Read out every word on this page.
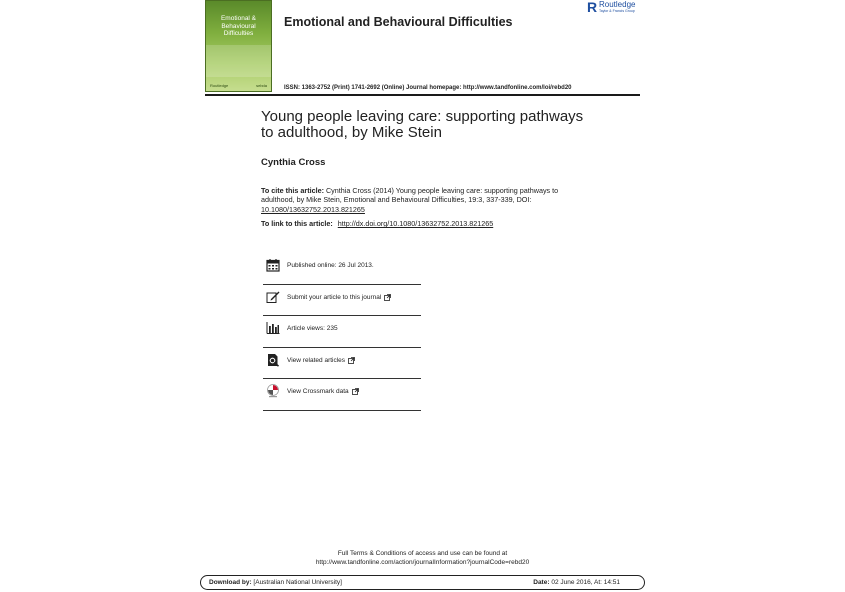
Emotional &
Behavioural
Difficulties
Routledge	sebda
Emotional and Behavioural Difficulties
R Routledge
Taylor & Francis Group
ISSN: 1363-2752 (Print) 1741-2692 (Online) Journal homepage: http://www.tandfonline.com/loi/rebd20
Young people leaving care: supporting pathways to adulthood, by Mike Stein
Cynthia Cross
To cite this article: Cynthia Cross (2014) Young people leaving care: supporting pathways to adulthood, by Mike Stein, Emotional and Behavioural Difficulties, 19:3, 337-339, DOI: 10.1080/13632752.2013.821265
To link to this article: http://dx.doi.org/10.1080/13632752.2013.821265
Published online: 26 Jul 2013.
Submit your article to this journal
Article views: 235
View related articles
View Crossmark data
Full Terms & Conditions of access and use can be found at
http://www.tandfonline.com/action/journalInformation?journalCode=rebd20
Download by: [Australian National University]	Date: 02 June 2016, At: 14:51
